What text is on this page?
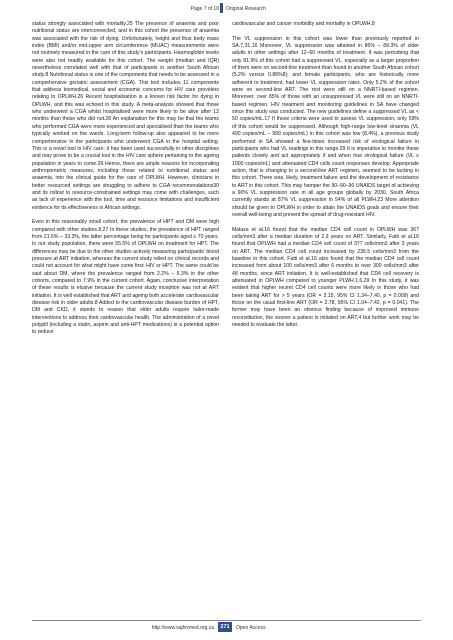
Page 7 of 10 Original Research

status strongly associated with mortality.25 The presence of anaemia and poor nutritional status are interconnected, and in this cohort the presence of anaemia was associated with the risk of dying. Unfortunately, height and thus body mass index (BMI) and/or mid-upper arm circumference (MUAC) measurements were not routinely measured in the care of this study’s participants. Haemoglobin levels were also not readily available for this cohort. The weight (median and IQR) nevertheless correlated well with that of participants in another South African study.8 Nutritional status is one of the components that needs to be assessed in a comprehensive geriatric assessment (CGA). This tool includes 11 components that address biomedical, social and economic concerns for HIV care providers relating to OPLWH.26 Recent hospitalisation is a known risk factor for dying in OPLWH, and this was echoed in this study. A meta-analysis showed that those who underwent a CGA whilst hospitalised were more likely to be alive after 12 months than those who did not.28 An explanation for this may be that the teams who performed CGA were more experienced and specialised than the teams who typically worked on the wards. Long-term follow-up also appeared to be more comprehensive in the participants who underwent CGA in the hospital setting. This is a novel tool in HIV care; it has been used successfully in other disciplines and may prove to be a crucial tool in the HIV care sphere pertaining to the ageing population in years to come.26 Hence, there are ample reasons for incorporating anthropometric measures, including those related to nutritional status and anaemia, into the clinical guide for the care of OPLWH. However, clinicians in better resourced settings are struggling to adhere to CGA recommendations30 and its rollout to resource-constrained settings may come with challenges, such as lack of experience with the tool, time and resource limitations and insufficient evidence for its effectiveness in African settings.

Even in this reasonably small cohort, the prevalence of HPT and DM were high compared with other studies.8,27 In these studies, the prevalence of HPT ranged from 21.5% – 33.3%, the latter percentage being for participants aged ≥ 70 years. In our study population, there were 55.5% of OPLWH on treatment for HPT. The differences may be due to the other studies actively measuring participants’ blood pressure at ART initiation, whereas the current study relied on clinical records and could not account for what might have come first: HIV or HPT. The same could be said about DM, where the prevalence ranged from 2.2% – 6.3% in the other cohorts, compared to 7.9% in the current cohort. Again, conclusive interpretation of these results is elusive because the current study inception was not at ART initiation. It is well established that ART and ageing both accelerate cardiovascular disease risk in older adults.8 Added to the cardiovascular disease burden of HPT, DM and CKD, it stands to reason that older adults require tailor-made interventions to address their cardiovascular health. The administration of a novel polypill (including a statin, aspirin and anti-HPT medications) is a potential option to reduce

cardiovascular and cancer morbidity and mortality in OPLWH.8

The VL suppression in this cohort was lower than previously reported in SA.7,31,16 Moreover, VL suppression was attained in 86% – 89.3% of older adults in other settings after 12–60 months of treatment. It was perturbing that only 81.9% of this cohort had a suppressed VL, especially as a larger proportion of them were on second-line treatment than found in another South African cohort (5.2% versus 0.88%8); and female participants, who are historically more adherent to treatment, had lower VL suppression rates. Only 5.2% of the cohort were on second-line ART. The rest were still on a NNRTI-based regimen. Moreover, over 85% of those with an unsuppressed VL were still on an NNRTI-based regimen. HIV treatment and monitoring guidelines in SA have changed since this study was conducted. The new guidelines define a suppressed VL as < 50 copies/mL.17 If these criteria were used to assess VL suppression, only 59% of this cohort would be suppressed. Although high-range low-level viraemia (VL 400 copies/mL – 999 copies/mL) in this cohort was low (8.4%), a previous study performed in SA showed a five-times increased risk of virological failure in participants who had VL readings in this range.29 It is imperative to monitor these patients closely and act appropriately if and when true virological failure (VL ≥ 1000 copies/mL) and attenuated CD4 cells count responses develop. Appropriate action, that is changing to a second-line ART regimen, seemed to be lacking in this cohort. There was, likely, treatment failure and the development of resistance to ART in this cohort. This may hamper the 90–90–90 UNAIDS target of achieving a 90% VL suppression rate in all age groups globally by 2030. South Africa currently stands at 87% VL suppression in 54% of all PLWH.23 More attention should be given to OPLWH in order to attain the UNAIDS goals and ensure their overall well-being and prevent the spread of drug-resistant HIV.

Malaza et al.16 found that the median CD4 cell count in OPLWH was 367 cells/mm3 after a median duration of 2.3 years on ART. Similarly, Fatti et al.16 found that OPLWH had a median CD4 cell count of 377 cells/mm3 after 3 years on ART. The median CD4 cell count increased by 236.5 cells/mm3 from the baseline in this cohort. Fatti et al.16 also found that the median CD4 cell count increased from about 100 cells/mm3 after 6 months to over 300 cells/mm3 after 48 months, since ART initiation. It is well-established that CD4 cell recovery is attenuated in OPLWH compared to younger PLWH.1,6,29 In this study, it was evident that higher recent CD4 cell counts were more likely in those who had been taking ART for > 5 years (OR = 3.15, 95% CI 1.34–7.40, p = 0.009) and those on the usual first-line ART (OR = 2.78, 95% CI 1.04–7.42, p = 0.041). The former may have been an obvious finding because of improved immune reconstitution, the sooner a patient is initiated on ART,4 but further work may be needed to evaluate the latter.

http://www.sajhivmed.org.za	271	Open Access
